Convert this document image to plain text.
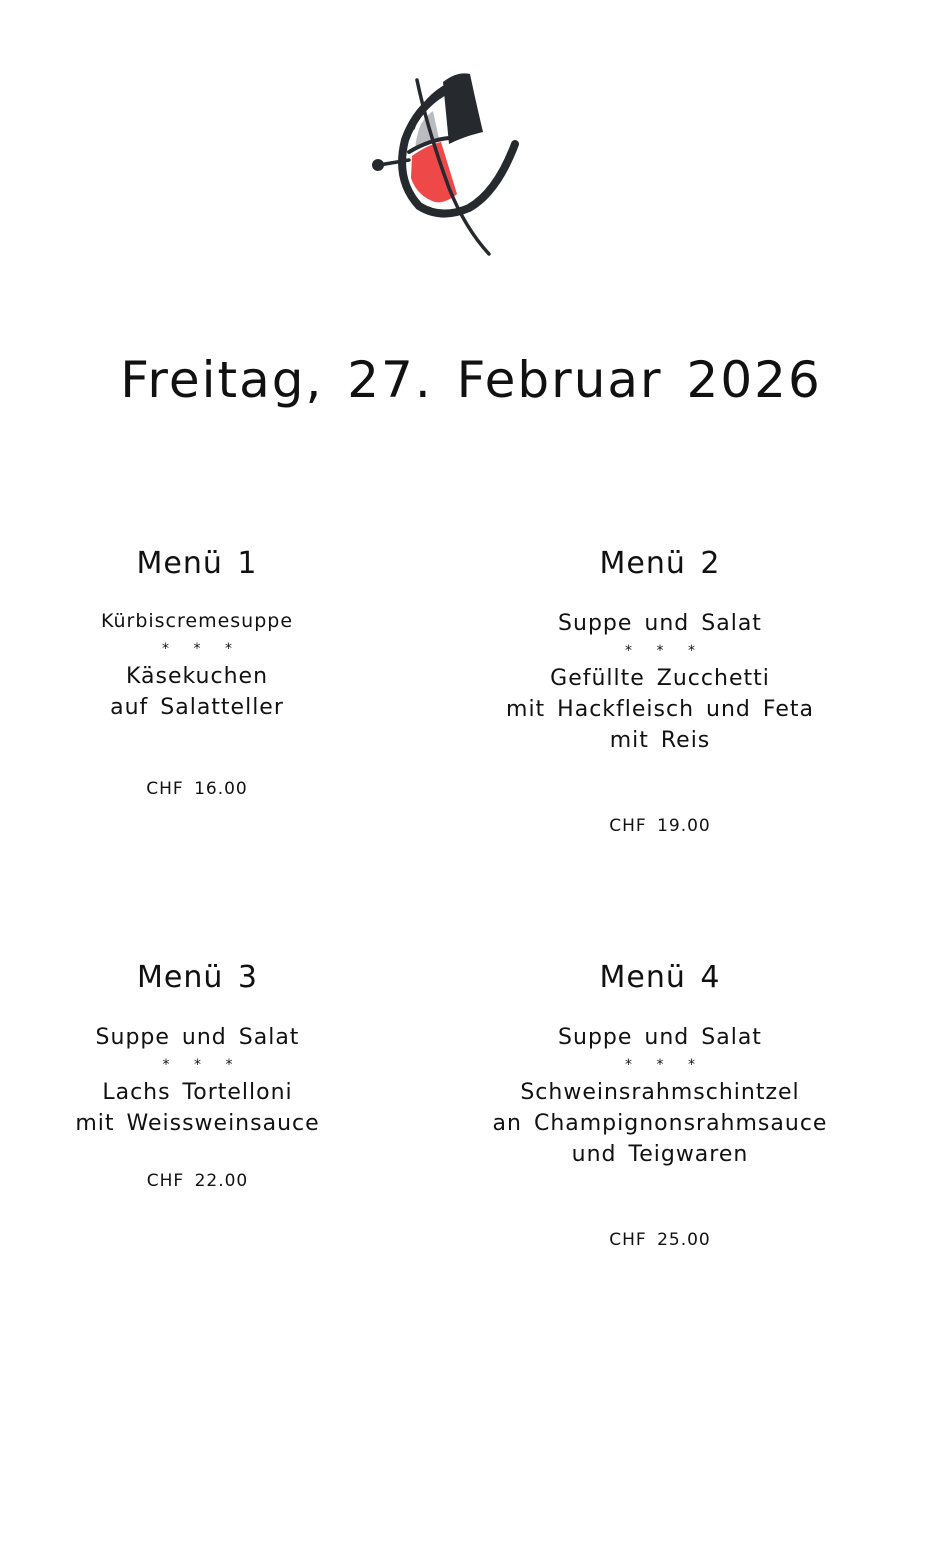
Freitag, 27. Februar 2026
Menü 1
Kürbiscremesuppe
* * *
Käsekuchen
auf Salatteller
CHF 16.00
Menü 2
Suppe und Salat
* * *
Gefüllte Zucchetti
mit Hackfleisch und Feta
mit Reis
CHF 19.00
Menü 3
Suppe und Salat
* * *
Lachs Tortelloni
mit Weissweinsauce
CHF 22.00
Menü 4
Suppe und Salat
* * *
Schweinsrahmschintzel
an Champignonsrahmsauce
und Teigwaren
CHF 25.00
